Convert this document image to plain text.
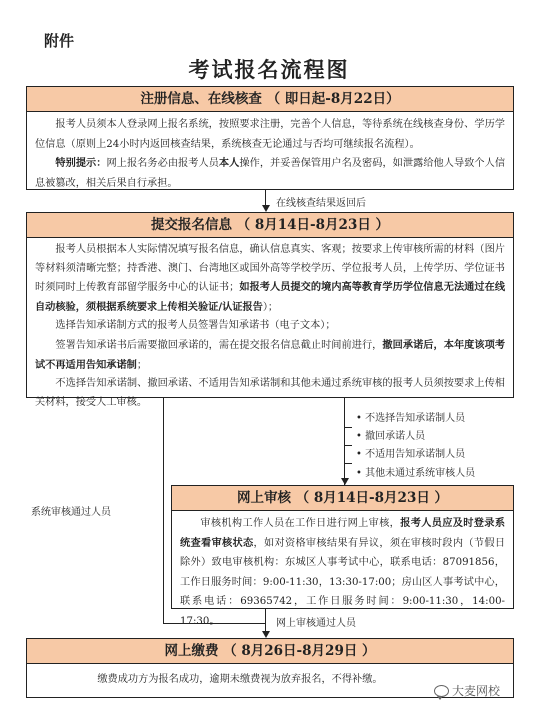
附件
考试报名流程图
注册信息、在线核查 （ 即日起-8月22日）

报考人员须本人登录网上报名系统，按照要求注册，完善个人信息，等待系统在线核查身份、学历学位信息（原则上24小时内返回核查结果，系统核查无论通过与否均可继续报名流程）。

特别提示：网上报名务必由报考人员本人操作，并妥善保管用户名及密码，如泄露给他人导致个人信息被篡改，相关后果自行承担。

在线核查结果返回后
提交报名信息 （ 8月14日-8月23日 ）

报考人员根据本人实际情况填写报名信息，确认信息真实、客观；按要求上传审核所需的材料（图片等材料须清晰完整；持香港、澳门、台湾地区或国外高等学校学历、学位报考人员，上传学历、学位证书时须同时上传教育部留学服务中心的认证书；如报考人员提交的境内高等教育学历学位信息无法通过在线自动核验，须根据系统要求上传相关验证/认证报告）；

选择告知承诺制方式的报考人员签署告知承诺书（电子文本）；

签署告知承诺书后需要撤回承诺的，需在提交报名信息截止时间前进行，撤回承诺后，本年度该项考试不再适用告知承诺制；

不选择告知承诺制、撤回承诺、不适用告知承诺制和其他未通过系统审核的报考人员须按要求上传相关材料，接受人工审核。

• 不选择告知承诺制人员
• 撤回承诺人员
• 不适用告知承诺制人员
• 其他未通过系统审核人员
系统审核通过人员
网上审核 （ 8月14日-8月23日 ）

审核机构工作人员在工作日进行网上审核，报考人员应及时登录系统查看审核状态，如对资格审核结果有异议，须在审核时段内（节假日除外）致电审核机构：东城区人事考试中心，联系电话：87091856，工作日服务时间：9:00-11:30，13:30-17:00；房山区人事考试中心，联系电话：69365742，工作日服务时间：9:00-11:30，14:00-17:30。	网上审核通过人员
网上缴费 （ 8月26日-8月29日 ）

缴费成功方为报名成功，逾期未缴费视为放弃报名，不得补缴。

大麦网校
